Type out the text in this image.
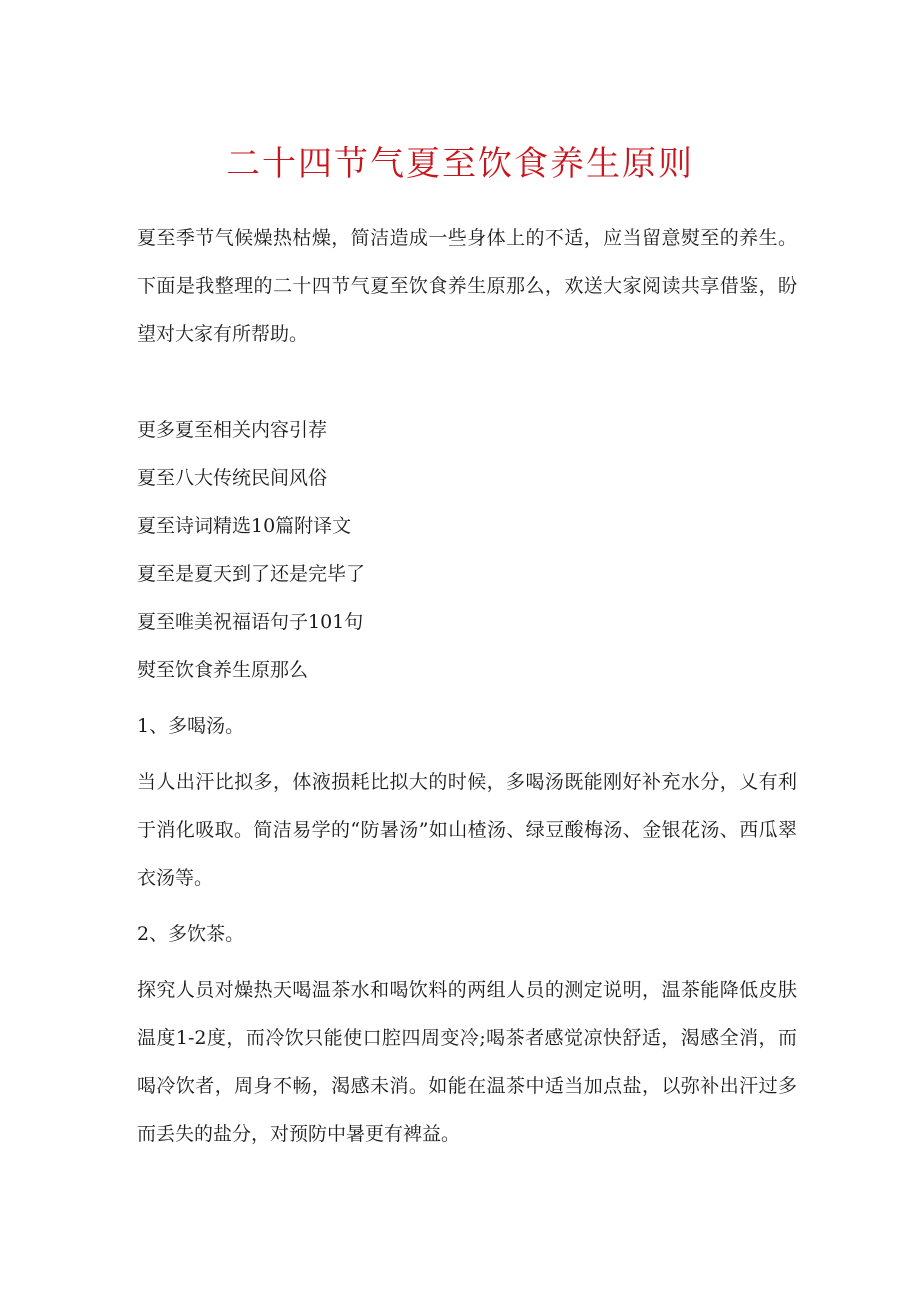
二十四节气夏至饮食养生原则

夏至季节气候燥热枯燥，简洁造成一些身体上的不适，应当留意熨至的养生。下面是我整理的二十四节气夏至饮食养生原那么，欢送大家阅读共享借鉴，盼望对大家有所帮助。

更多夏至相关内容引荐

夏至八大传统民间风俗

夏至诗词精选10篇附译文

夏至是夏天到了还是完毕了

夏至唯美祝福语句子101句

熨至饮食养生原那么

1、多喝汤。

当人出汗比拟多，体液损耗比拟大的时候，多喝汤既能刚好补充水分，乂有利于消化吸取。简洁易学的“防暑汤”如山楂汤、绿豆酸梅汤、金银花汤、西瓜翠衣汤等。

2、多饮茶。

探究人员对燥热天喝温茶水和喝饮料的两组人员的测定说明，温茶能降低皮肤温度1-2度，而冷饮只能使口腔四周变冷;喝茶者感觉凉快舒适，渴感全消，而喝冷饮者，周身不畅，渴感未消。如能在温茶中适当加点盐，以弥补出汗过多而丢失的盐分，对预防中暑更有裨益。
